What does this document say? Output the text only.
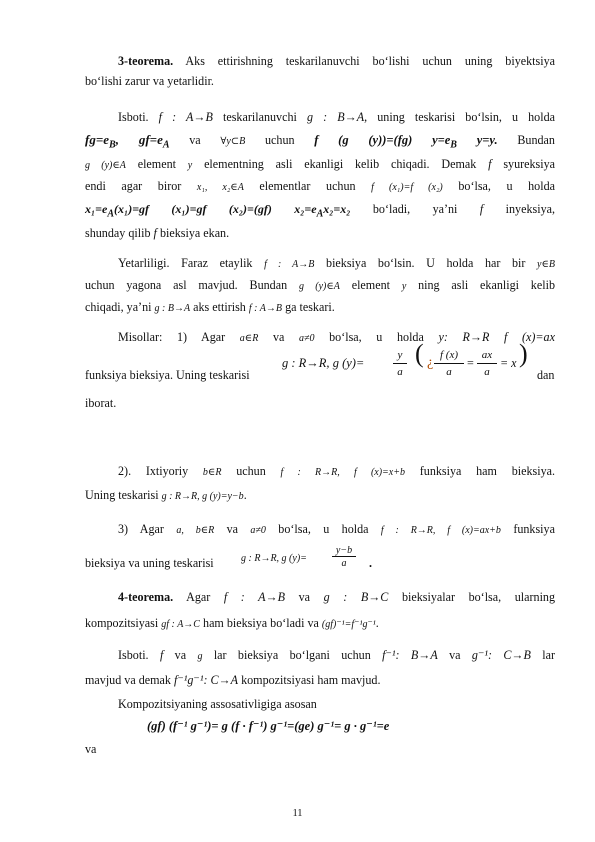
3-teorema. Aks ettirishning teskarilanuvchi bo‘lishi uchun uning biyektsiya
bo‘lishi zarur va yetarlidir.
Isboti. f : A→B teskarilanuvchi g : B→A, uning teskarisi bo‘lsin, u holda
$fg=e_B$, $gf=e_A$ va ∀y⊂B uchun f (g (y))=(fg) $y=e_B$ y=y. Bundan
g (y)∈A element y elementning asli ekanligi kelib chiqadi. Demak f syureksiya
endi agar biror x₁, x₂∈A elementlar uchun f (x₁)=f (x₂) bo‘lsa, u holda
$x_1=e_A(x_1)=gf$ (x₁)=gf (x₂)=(gf) $x_2=e_Ax_2=x_2$ bo‘ladi, ya’ni f inyeksiya,
shunday qilib f bieksiya ekan.
Yetarliligi. Faraz etaylik f : A→B bieksiya bo‘lsin. U holda har bir y∈B
uchun yagona asl mavjud. Bundan g (y)∈A element y ning asli ekanligi kelib
chiqadi, ya’ni g : B→A aks ettirish f : A→B ga teskari.
Misollar: 1) Agar a∈R va a≠0 bo‘lsa, u holda y: R→R f (x)=ax
funksiya bieksiya. Uning teskarisi
g : R→R, g (y)=
y
a
( ¿ f (x)
a
=
ax
a
= x )
dan
iborat.
2). Ixtiyoriy b∈R uchun f : R→R, f (x)=x+b funksiya ham bieksiya.
Uning teskarisi g : R→R, g (y)=y−b.
3) Agar a, b∈R va a≠0 bo‘lsa, u holda f : R→R, f (x)=ax+b funksiya
bieksiya va uning teskarisi	g : R→R, g (y)=
y−b
a	.
4-teorema. Agar f : A→B va g : B→C bieksiyalar bo‘lsa, ularning
kompozitsiyasi gf : A→C ham bieksiya bo‘ladi va (gf)⁻¹=f⁻¹g⁻¹.
Isboti. f va g lar bieksiya bo‘lgani uchun f⁻¹: B→A va g⁻¹: C→B lar
mavjud va demak f⁻¹g⁻¹: C→A kompozitsiyasi ham mavjud.
Kompozitsiyaning assosativligiga asosan
(gf) (f⁻¹ g⁻¹)= g (f · f⁻¹) g⁻¹=(ge) g⁻¹= g · g⁻¹=e
va
11
